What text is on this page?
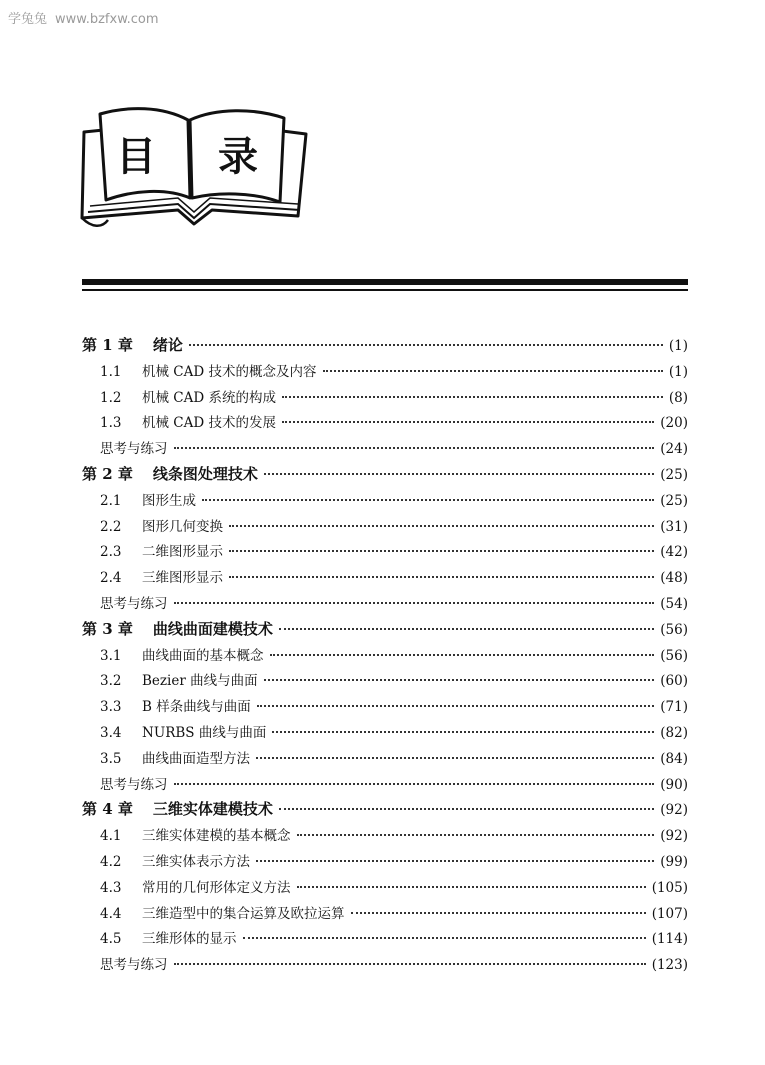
学兔兔 www.bzfxw.com
目 录
第 1 章 绪论	(1)
1.1	机械 CAD 技术的概念及内容	(1)
1.2	机械 CAD 系统的构成	(8)
1.3	机械 CAD 技术的发展	(20)
思考与练习	(24)
第 2 章 线条图处理技术	(25)
2.1	图形生成	(25)
2.2	图形几何变换	(31)
2.3	二维图形显示	(42)
2.4	三维图形显示	(48)
思考与练习	(54)
第 3 章 曲线曲面建模技术	(56)
3.1	曲线曲面的基本概念	(56)
3.2	Bezier 曲线与曲面	(60)
3.3	B 样条曲线与曲面	(71)
3.4	NURBS 曲线与曲面	(82)
3.5	曲线曲面造型方法	(84)
思考与练习	(90)
第 4 章 三维实体建模技术	(92)
4.1	三维实体建模的基本概念	(92)
4.2	三维实体表示方法	(99)
4.3	常用的几何形体定义方法	(105)
4.4	三维造型中的集合运算及欧拉运算	(107)
4.5	三维形体的显示	(114)
思考与练习	(123)
